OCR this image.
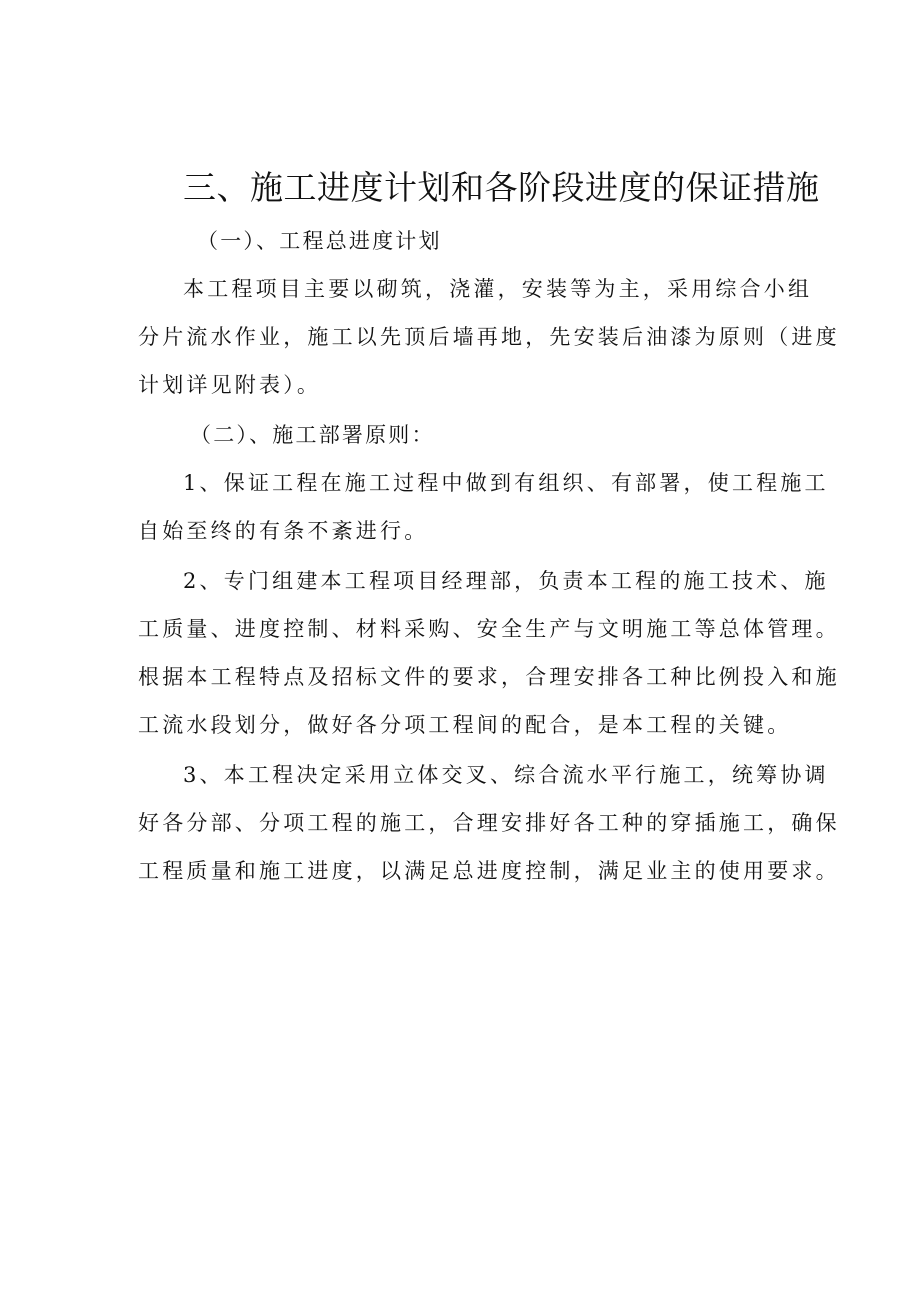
三、施工进度计划和各阶段进度的保证措施
（一）、工程总进度计划
本工程项目主要以砌筑，浇灌，安装等为主，采用综合小组
分片流水作业，施工以先顶后墙再地，先安装后油漆为原则（进度
计划详见附表）。
（二）、施工部署原则：
1、保证工程在施工过程中做到有组织、有部署，使工程施工
自始至终的有条不紊进行。
2、专门组建本工程项目经理部，负责本工程的施工技术、施
工质量、进度控制、材料采购、安全生产与文明施工等总体管理。
根据本工程特点及招标文件的要求，合理安排各工种比例投入和施
工流水段划分，做好各分项工程间的配合，是本工程的关键。
3、本工程决定采用立体交叉、综合流水平行施工，统筹协调
好各分部、分项工程的施工，合理安排好各工种的穿插施工，确保
工程质量和施工进度，以满足总进度控制，满足业主的使用要求。
